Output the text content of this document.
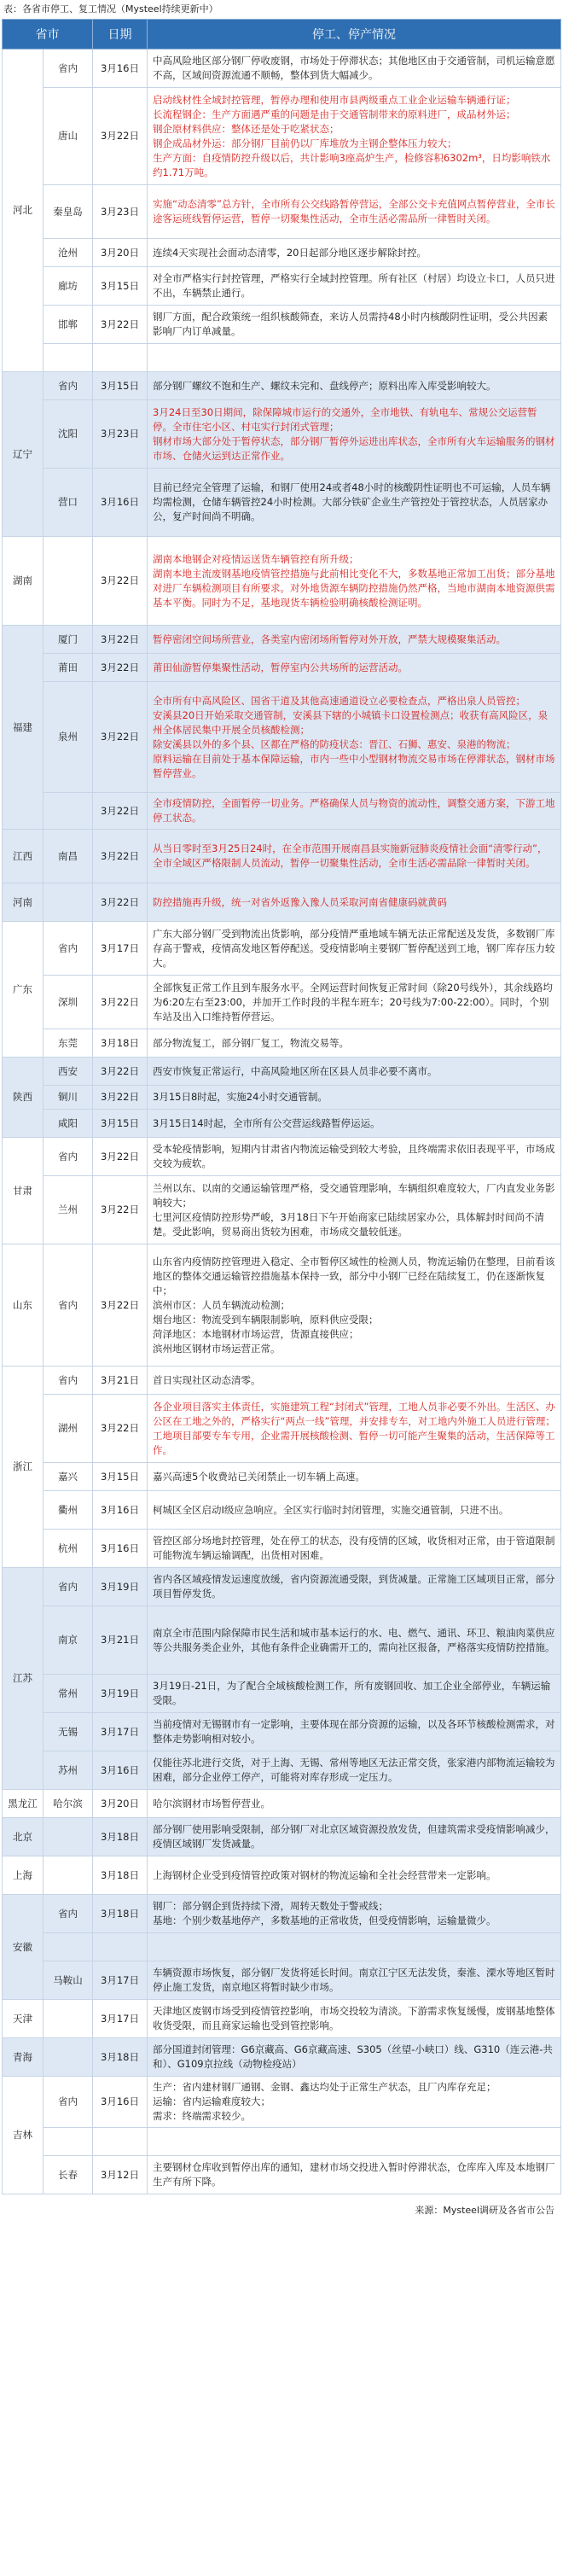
表：各省市停工、复工情况（Mysteel持续更新中）
省市		日期	停工、停产情况
河北	省内	3月16日	中高风险地区部分钢厂停收废钢，市场处于停滞状态；其他地区由于交通管制，司机运输意愿不高，区域间资源流通不顺畅，整体到货大幅减少。
	唐山	3月22日	启动线材性全域封控管理，暂停办理和使用市县两级重点工业企业运输车辆通行证；
长流程钢企：生产方面遇严重的问题是由于交通管制带来的原料进厂，成品材外运；
钢企原材料供应：整体还是处于吃紧状态；
钢企成品材外运：部分钢厂目前仍以厂库堆放为主钢企整体压力较大；
生产方面：自疫情防控升级以后，共计影响3座高炉生产，检修容积6302m³，日均影响铁水约1.71万吨。
	秦皇岛	3月23日	实施“动态清零”总方针，全市所有公交线路暂停营运，全部公交卡充值网点暂停营业，全市长途客运班线暂停运营，暂停一切聚集性活动，全市生活必需品所一律暂时关闭。
	沧州	3月20日	连续4天实现社会面动态清零，20日起部分地区逐步解除封控。
	廊坊	3月15日	对全市严格实行封控管理，严格实行全域封控管理。所有社区（村居）均设立卡口，人员只进不出，车辆禁止通行。
	邯郸	3月22日	钢厂方面，配合政策统一组织核酸筛查，来访人员需持48小时内核酸阴性证明，受公共因素影响厂内订单减量。

辽宁	省内	3月15日	部分钢厂螺纹不饱和生产、螺纹未完和、盘线停产；原料出库入库受影响较大。
	沈阳	3月23日	3月24日至30日期间，除保障城市运行的交通外，全市地铁、有轨电车、常规公交运营暂停。全市住宅小区、村屯实行封闭式管理；
钢材市场大部分处于暂停状态，部分钢厂暂停外运进出库状态，全市所有火车运输服务的钢材市场、仓储火运到达正常作业。
	营口	3月16日	目前已经完全管理了运输，和钢厂使用24或者48小时的核酸阴性证明也不可运输，人员车辆均需检测，仓储车辆管控24小时检测。大部分铁矿企业生产管控处于管控状态，人员居家办公，复产时间尚不明确。
湖南		3月22日	湖南本地钢企对疫情运送货车辆管控有所升级；
湖南本地主流废钢基地疫情管控措施与此前相比变化不大，多数基地正常加工出货；部分基地对进厂车辆检测项目有所要求。对外地货源车辆防控措施仍然严格，当地市湖南本地资源供需基本平衡。同时为不足，基地现货车辆检验明确核酸检测证明。
福建	厦门	3月22日	暂停密闭空间场所营业，各类室内密闭场所暂停对外开放，严禁大规模聚集活动。
	莆田	3月22日	莆田仙游暂停集聚性活动，暂停室内公共场所的运营活动。
	泉州	3月22日	全市所有中高风险区、国省干道及其他高速通道设立必要检查点，严格出泉人员管控；
安溪县20日开始采取交通管制，安溪县下辖的小城镇卡口设置检测点；收获有高风险区，泉州全体居民集中开展全员核酸检测；
除安溪县以外的多个县、区都在严格的防疫状态：晋江、石狮、惠安、泉港的物流；
原料运输在目前处于基本保障运输，市内一些中小型钢材物流交易市场在停滞状态，钢材市场暂停营业。
		3月22日	全市疫情防控，全面暂停一切业务。严格确保人员与物资的流动性，调整交通方案，下游工地停工状态。
江西	南昌	3月22日	从当日零时至3月25日24时，在全市范围开展南昌县实施新冠肺炎疫情社会面“清零行动”，全市全域区严格限制人员流动，暂停一切聚集性活动，全市生活必需品除一律暂时关闭。
河南		3月22日	防控措施再升级，统一对省外返豫入豫人员采取河南省健康码就黄码
广东	省内	3月17日	广东大部分钢厂受到物流出货影响，部分疫情严重地域车辆无法正常配送及发货，多数钢厂库存高于警戒，疫情高发地区暂停配送。受疫情影响主要钢厂暂停配送到工地，钢厂库存压力较大。
	深圳	3月22日	全部恢复正常工作且到车服务水平。全网运营时间恢复正常时间（除20号线外），其余线路均为6:20左右至23:00，并加开工作时段的半程车班车；20号线为7:00-22:00）。同时，个别车站及出入口维持暂停营运。
	东莞	3月18日	部分物流复工，部分钢厂复工，物流交易等。
陕西	西安	3月22日	西安市恢复正常运行，中高风险地区所在区县人员非必要不离市。
	铜川	3月22日	3月15日8时起，实施24小时交通管制。
	咸阳	3月15日	3月15日14时起，全市所有公交营运线路暂停运运。
甘肃	省内	3月22日	受本轮疫情影响，短期内甘肃省内物流运输受到较大考验，且终端需求依旧表现平平，市场成交较为疲软。
	兰州	3月22日	兰州以东、以南的交通运输管理严格，受交通管理影响，车辆组织难度较大，厂内直发业务影响较大；
七里河区疫情防控形势严峻，3月18日下午开始商家已陆续居家办公，具体解封时间尚不清楚。受此影响，贸易商出货较为困难，市场成交量较低迷。
山东	省内	3月22日	山东省内疫情防控管理进入稳定、全市暂停区域性的检测人员，物流运输仍在整理，目前看该地区的整体交通运输管控措施基本保持一致，部分中小钢厂已经在陆续复工，仍在逐渐恢复中；
滨州市区：人员车辆流动检测；
烟台地区：物流受到车辆限制影响，原料供应受限；
菏泽地区：本地钢材市场运营，货源直接供应；
滨州地区钢材市场运营正常。
浙江	省内	3月21日	首日实现社区动态清零。
	湖州	3月22日	各企业项目落实主体责任，实施建筑工程“封闭式”管理，工地人员非必要不外出。生活区、办公区在工地之外的，严格实行“两点一线”管理，并安排专车，对工地内外施工人员进行管理；工地项目部要专车专用，企业需开展核酸检测、暂停一切可能产生聚集的活动，生活保障等工作。
	嘉兴	3月15日	嘉兴高速5个收费站已关闭禁止一切车辆上高速。
	衢州	3月16日	柯城区全区启动Ⅰ级应急响应。全区实行临时封闭管理，实施交通管制，只进不出。
	杭州	3月16日	管控区部分场地封控管理，处在停工的状态，没有疫情的区域，收货相对正常，由于管道限制可能物流车辆运输调配，出货相对困难。
江苏	省内	3月19日	省内各区域疫情发运速度放缓，省内资源流通受限，到货减量。正常施工区域项目正常，部分项目暂停发货。
	南京	3月21日	南京全市范围内除保障市民生活和城市基本运行的水、电、燃气、通讯、环卫、粮油肉菜供应等公共服务类企业外，其他有条件企业确需开工的，需向社区报备，严格落实疫情防控措施。
	常州	3月19日	3月19日-21日，为了配合全域核酸检测工作，所有废钢回收、加工企业全部停业，车辆运输受限。
	无锡	3月17日	当前疫情对无锡钢市有一定影响，主要体现在部分资源的运输，以及各环节核酸检测需求，对整体走势影响相对较小。
	苏州	3月16日	仅能往苏北进行交货，对于上海、无锡、常州等地区无法正常交货，张家港内部物流运输较为困难，部分企业停工停产，可能将对库存形成一定压力。
黑龙江	哈尔滨	3月20日	哈尔滨钢材市场暂停营业。
北京		3月18日	部分钢厂使用影响受限制，部分钢厂对北京区域资源投放发货，但建筑需求受疫情影响减少，疫情区域钢厂发货减量。
上海		3月18日	上海钢材企业受到疫情管控政策对钢材的物流运输和全社会经营带来一定影响。
安徽	省内	3月18日	钢厂：部分钢企到货持续下滑，周转天数处于警戒线；
基地：个别少数基地停产，多数基地的正常收货，但受疫情影响，运输量微少。

	马鞍山	3月17日	车辆资源市场恢复，部分钢厂发货将延长时间。南京江宁区无法发货，秦淮、溧水等地区暂时停止施工发货，南京地区将暂时缺少市场。
天津		3月17日	天津地区废钢市场受到疫情管控影响，市场交投较为清淡。下游需求恢复缓慢，废钢基地整体收货受限，而且商家运输也受到管控影响。
青海		3月18日	部分国道封闭管理：G6京藏高、G6京藏高速、S305（丝望-小峡口）线、G310（连云港-共和）、G109京拉线（动物检疫站）
吉林	省内	3月16日	生产：省内建材钢厂通钢、金钢、鑫达均处于正常生产状态，且厂内库存充足；
运输：省内运输难度较大；
需求：终端需求较少。

	长春	3月12日	主要钢材仓库收到暂停出库的通知，建材市场交投进入暂时停滞状态，仓库库入库及本地钢厂生产有所下降。
来源：Mysteel调研及各省市公告
